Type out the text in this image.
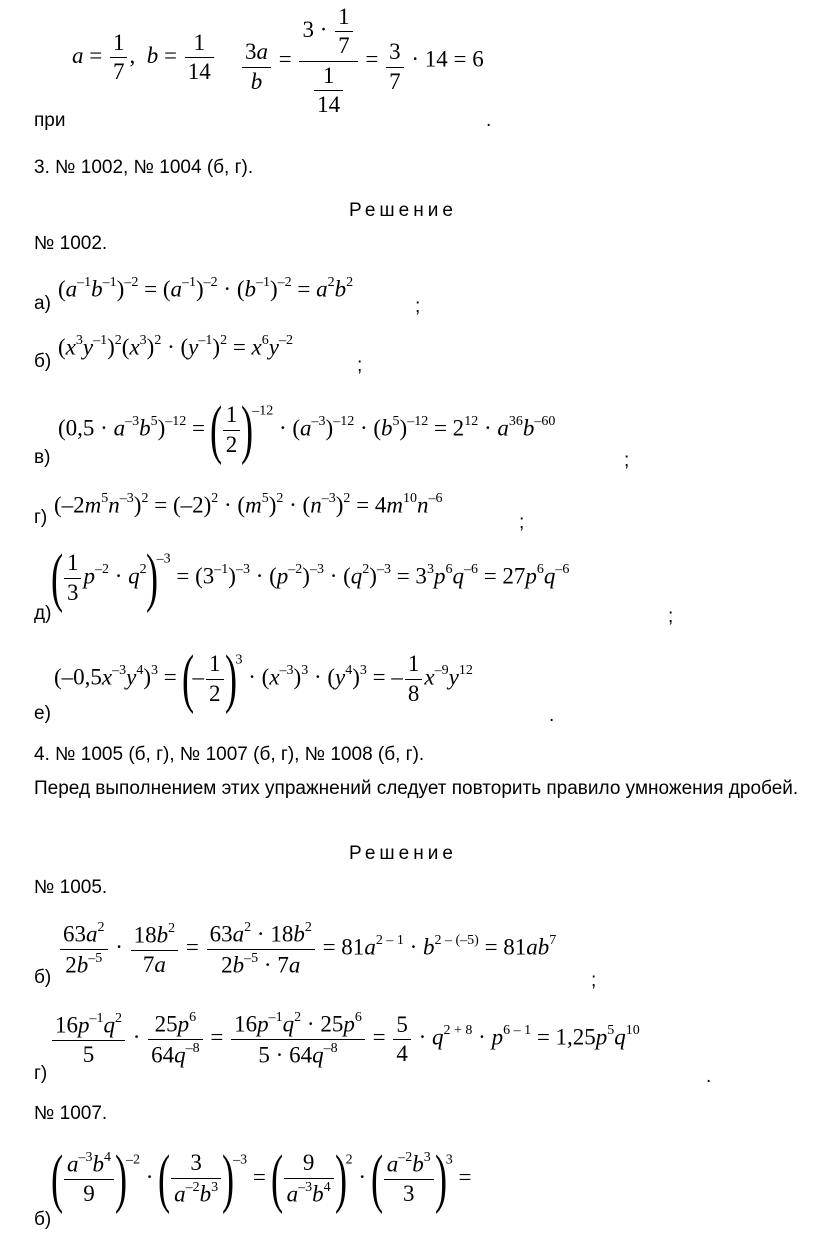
$a = \frac{1}{7}$ , $b = \frac{1}{14} \frac{3a}{b} = \frac{3 \cdot \frac{1}{7}}{\frac{1}{14}} = \frac{3}{7} \cdot 14 = 6$
при	.
3. № 1002, № 1004 (б, г).
Решение
№ 1002.
а)
$(a^{-1}b^{-1})^{-2} = (a^{-1})^{-2} \cdot (b^{-1})^{-2} = a^2b^2$
;
б)
$(x^3y^{-1})^2(x^3)^2 \cdot (y^{-1})^2 = x^6y^{-2}$
;
в)
$(0,5 \cdot a^{-3}b^5)^{-12}$ = ( $\frac{1}{2} )^{-12} \cdot (a^{-3})^{-12} \cdot (b^5)^{-12} = 2^{12} \cdot a^{36}b^{-60}$
;
г) $(-2m^5n^{-3})^2 = (-2)^2 \cdot (m^5)^2 \cdot (n^{-3})^2 = 4m^{10}n^{-6}$
;
д) ( $\frac{1}{3} p^{-2} \cdot q^2)^{-3} = (3^{-1})^{-3} \cdot (p^{-2})^{-3} \cdot (q^2)^{-3} = 3^3p^6q^{-6} = 27p^6q^{-6}$
;
е)
$(-0,5x^{-3}y^4)^3$ = (– $\frac{1}{2} )^3 \cdot (x^{-3})^3 \cdot (y^4)^3$ = – $\frac{1}{8} x^{-9}y^{12}$
.
4. № 1005 (б, г), № 1007 (б, г), № 1008 (б, г).

Перед выполнением этих упражнений следует повторить правило умножения дробей.

Решение
№ 1005.
$б) \frac{63a^2}{2b^{-5}} \cdot \frac{18b^2}{7a} = \frac{63a^2 \cdot 18b^2}{2b^{-5} \cdot 7a} = 81a^{2 - 1} \cdot b^{2 - (-5)} = 81ab^7$
;
г)
$\frac{16p^{-1}q^2}{5} \cdot \frac{25p^6}{64q^{-8}} = \frac{16p^{-1}q^2 \cdot 25p^6}{5 \cdot 64q^{-8}} = \frac{5}{4} \cdot q^{2 + 8} \cdot p^{6 - 1} = 1,25p^5q^{10}$
.
№ 1007.
б)
( $\frac{a^{-3}b^4}{9} )^{-2}$ · ( $\frac{3}{a^{-2}b^3} )^{-3}$ = ( $\frac{9}{a^{-3}b^4} )^2$ · ( $\frac{a^{-2}b^3}{3} )^3$ =
